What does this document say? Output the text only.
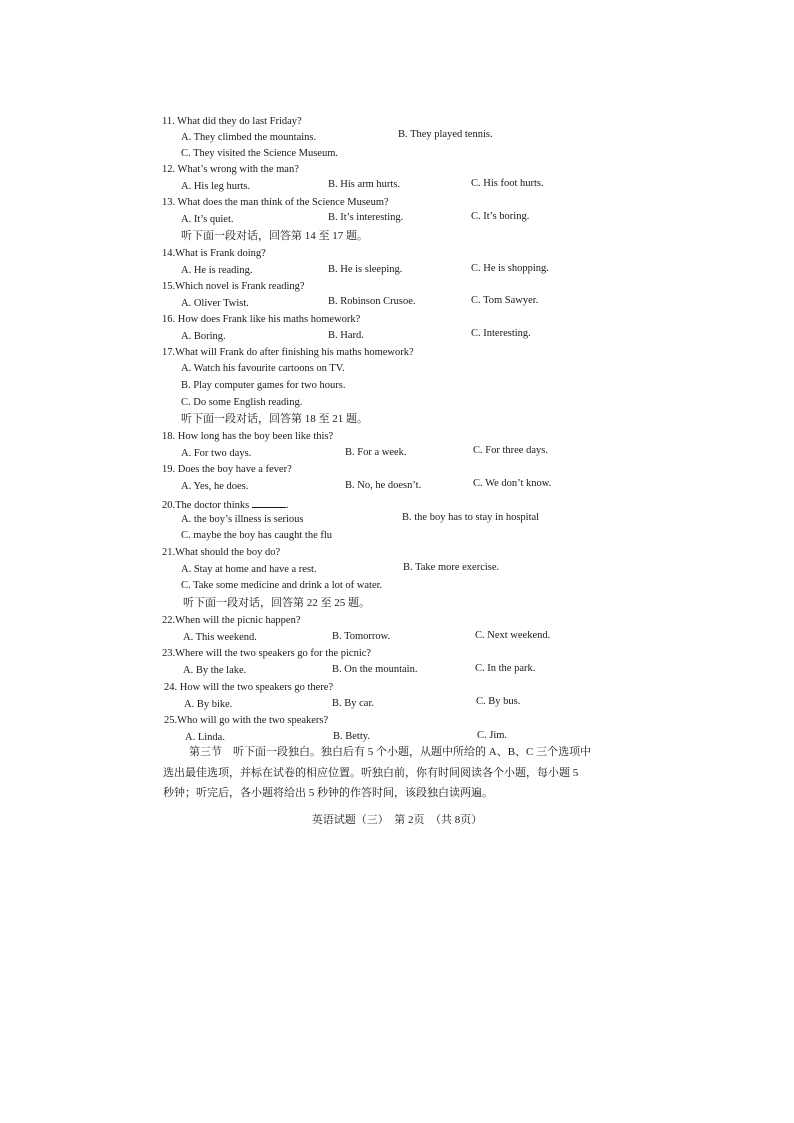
11. What did they do last Friday?
A. They climbed the mountains.	B. They played tennis.
C. They visited the Science Museum.
12. What’s wrong with the man?
A. His leg hurts.	B. His arm hurts.	C. His foot hurts.
13. What does the man think of the Science Museum?
A. It’s quiet.	B. It’s interesting.	C. It’s boring.
听下面一段对话，回答第 14 至 17 题。
14.What is Frank doing?
A. He is reading.	B. He is sleeping.	C. He is shopping.
15.Which novel is Frank reading?
A. Oliver Twist.	B. Robinson Crusoe.	C. Tom Sawyer.
16. How does Frank like his maths homework?
A. Boring.	B. Hard.	C. Interesting.
17.What will Frank do after finishing his maths homework?
A. Watch his favourite cartoons on TV.
B. Play computer games for two hours.
C. Do some English reading.
听下面一段对话，回答第 18 至 21 题。
18. How long has the boy been like this?
A. For two days.	B. For a week.	C. For three days.
19. Does the boy have a fever?
A. Yes, he does.	B. No, he doesn’t.	C. We don’t know.
20.The doctor thinks	.
A. the boy’s illness is serious	B. the boy has to stay in hospital
C. maybe the boy has caught the flu
21.What should the boy do?
A. Stay at home and have a rest.	B. Take more exercise.
C. Take some medicine and drink a lot of water.
听下面一段对话，回答第 22 至 25 题。
22.When will the picnic happen?
A. This weekend.	B. Tomorrow.	C. Next weekend.
23.Where will the two speakers go for the picnic?
A. By the lake.	B. On the mountain.	C. In the park.
24. How will the two speakers go there?
A. By bike.	B. By car.	C. By bus.
25.Who will go with the two speakers?
A. Linda.	B. Betty.	C. Jim.
第三节　听下面一段独白。独白后有 5 个小题，从题中所给的 A、B、C 三个选项中
选出最佳选项，并标在试卷的相应位置。听独白前，你有时间阅读各个小题，每小题 5
秒钟；听完后，各小题将给出 5 秒钟的作答时间，该段独白读两遍。
英语试题（三）　第 2页　（共 8页）
